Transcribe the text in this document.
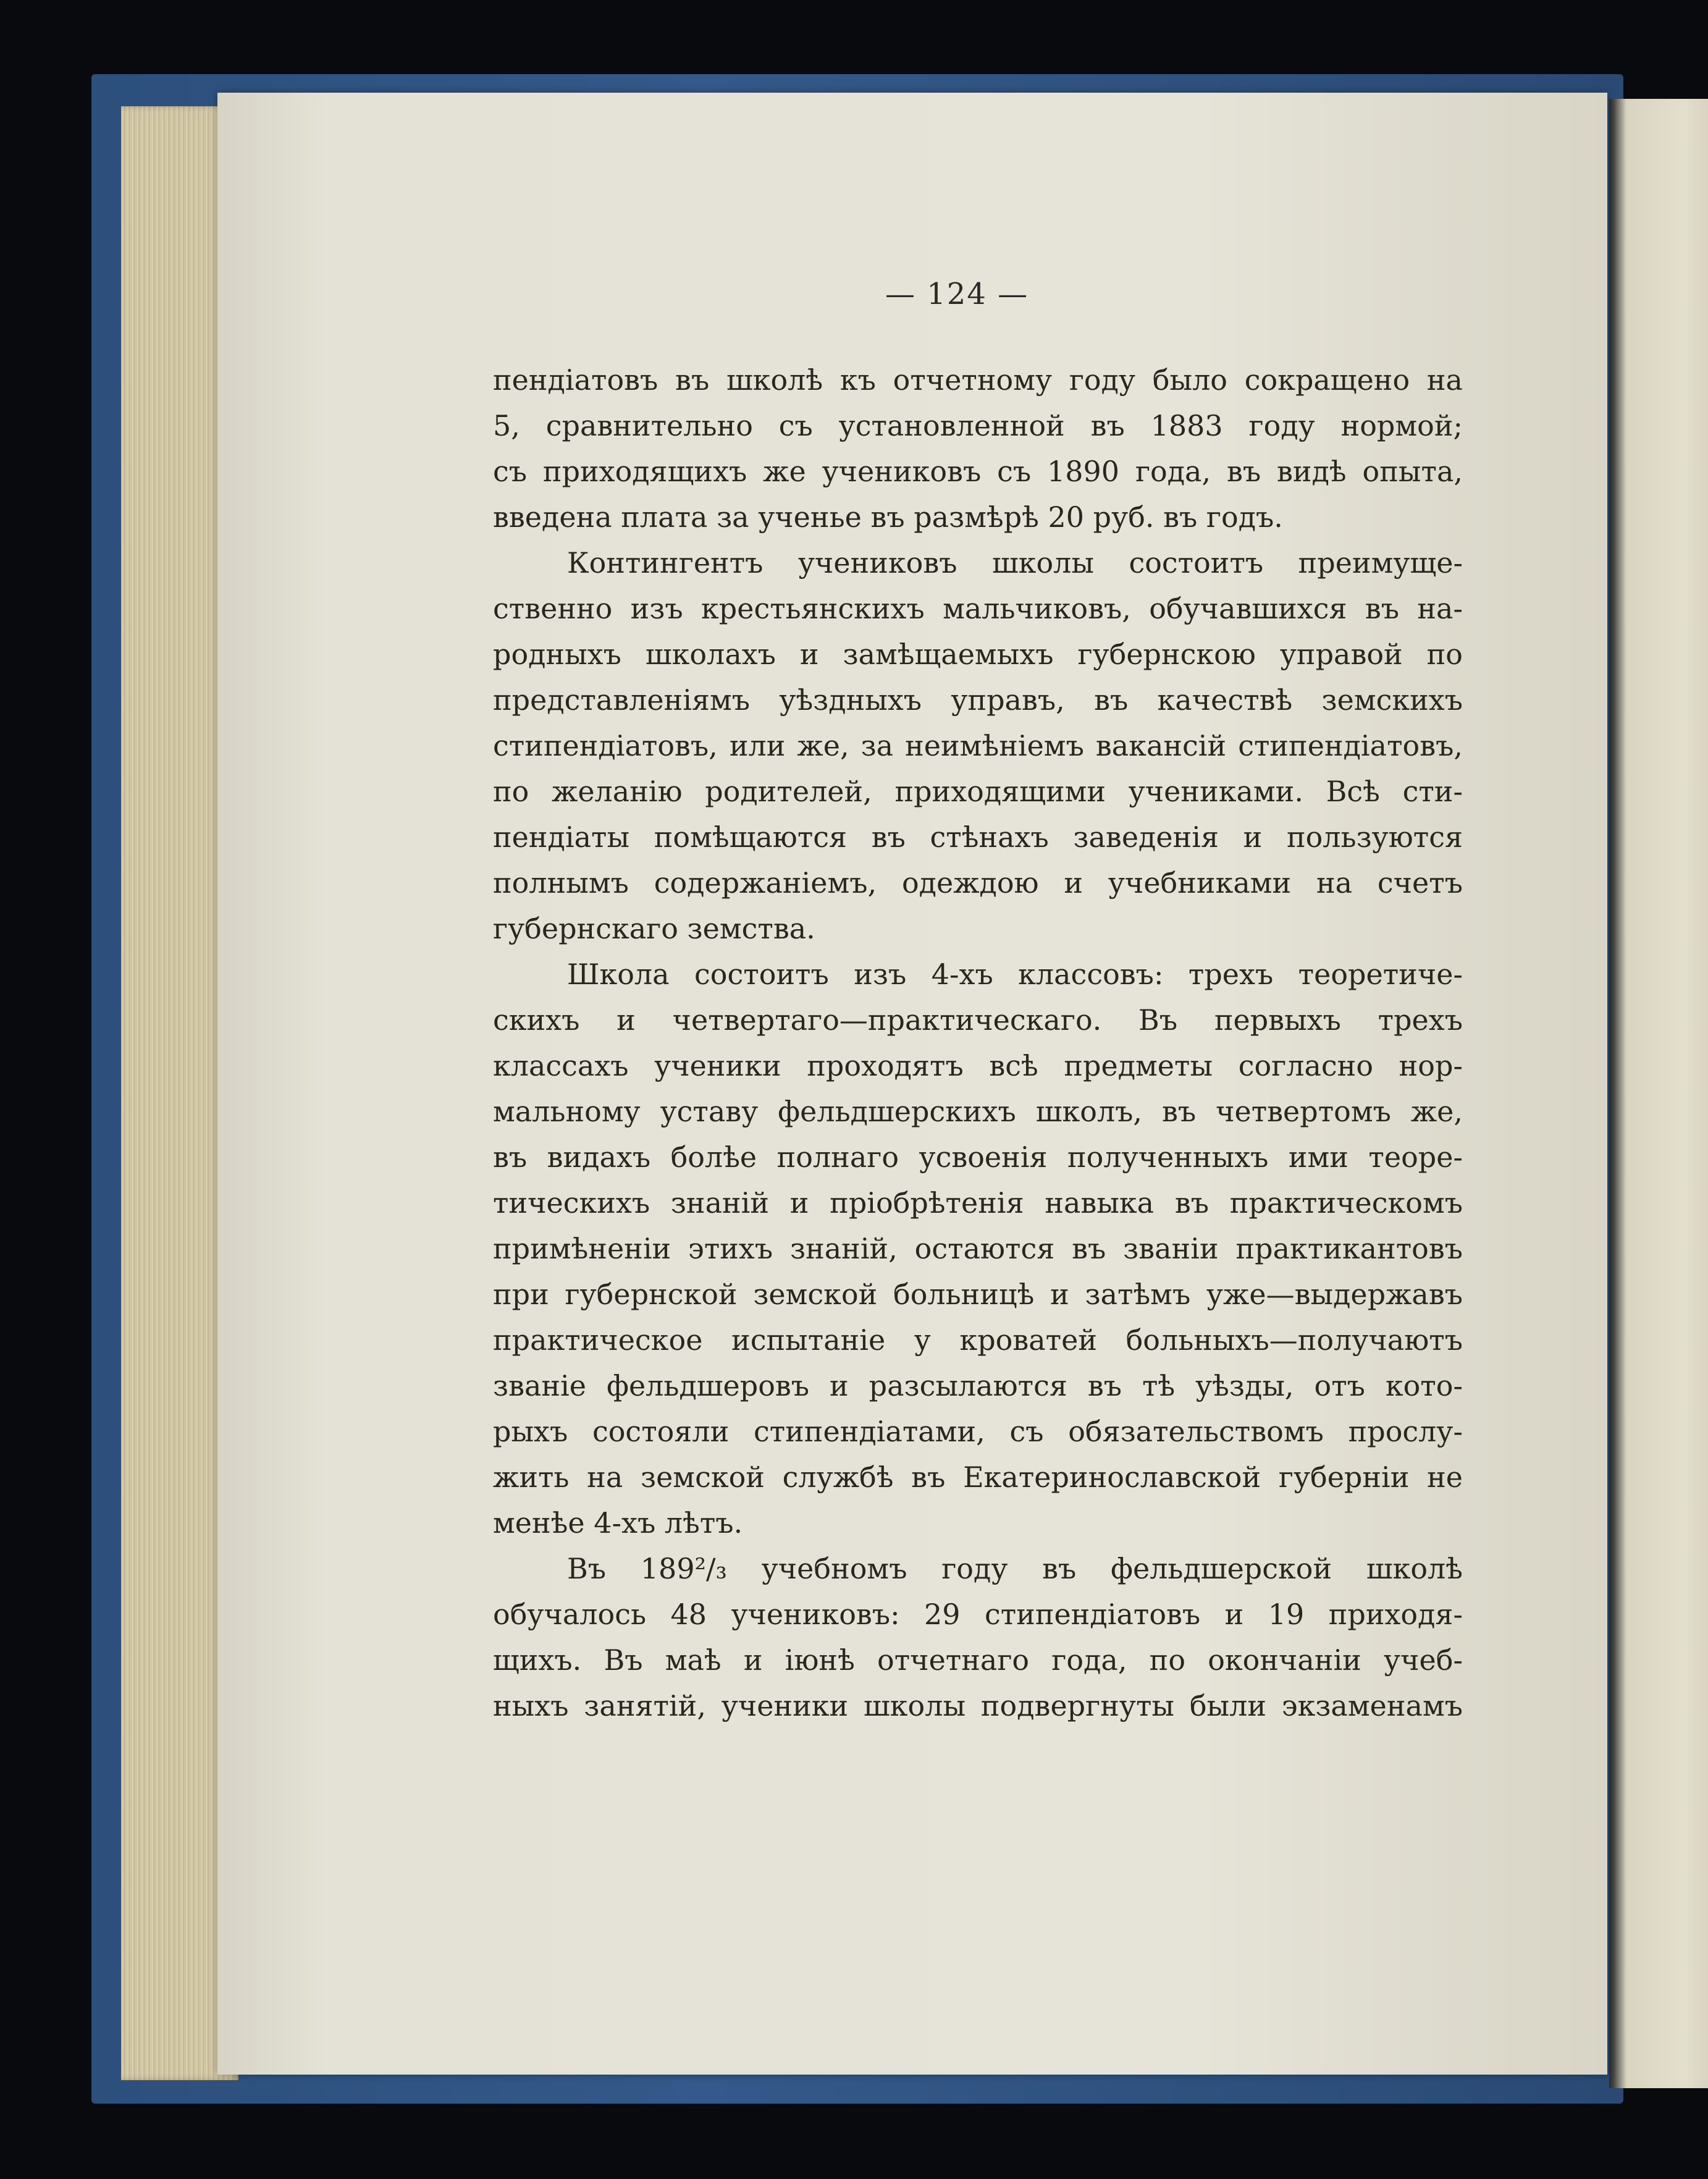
— 124 —
пендіатовъ въ школѣ къ отчетному году было сокращено на
5, сравнительно съ установленной въ 1883 году нормой;
съ приходящихъ же учениковъ съ 1890 года, въ видѣ опыта,
введена плата за ученье въ размѣрѣ 20 руб. въ годъ.
Контингентъ учениковъ школы состоитъ преимуще-
ственно изъ крестьянскихъ мальчиковъ, обучавшихся въ на-
родныхъ школахъ и замѣщаемыхъ губернскою управой по
представленіямъ уѣздныхъ управъ, въ качествѣ земскихъ
стипендіатовъ, или же, за неимѣніемъ вакансій стипендіатовъ,
по желанію родителей, приходящими учениками. Всѣ сти-
пендіаты помѣщаются въ стѣнахъ заведенія и пользуются
полнымъ содержаніемъ, одеждою и учебниками на счетъ
губернскаго земства.
Школа состоитъ изъ 4-хъ классовъ: трехъ теоретиче-
скихъ и четвертаго—практическаго. Въ первыхъ трехъ
классахъ ученики проходятъ всѣ предметы согласно нор-
мальному уставу фельдшерскихъ школъ, въ четвертомъ же,
въ видахъ болѣе полнаго усвоенія полученныхъ ими теоре-
тическихъ знаній и пріобрѣтенія навыка въ практическомъ
примѣненіи этихъ знаній, остаются въ званіи практикантовъ
при губернской земской больницѣ и затѣмъ уже—выдержавъ
практическое испытаніе у кроватей больныхъ—получаютъ
званіе фельдшеровъ и разсылаются въ тѣ уѣзды, отъ кото-
рыхъ состояли стипендіатами, съ обязательствомъ прослу-
жить на земской службѣ въ Екатеринославской губерніи не
менѣе 4-хъ лѣтъ.
Въ 189²/₃ учебномъ году въ фельдшерской школѣ
обучалось 48 учениковъ: 29 стипендіатовъ и 19 приходя-
щихъ. Въ маѣ и іюнѣ отчетнаго года, по окончаніи учеб-
ныхъ занятій, ученики школы подвергнуты были экзаменамъ
